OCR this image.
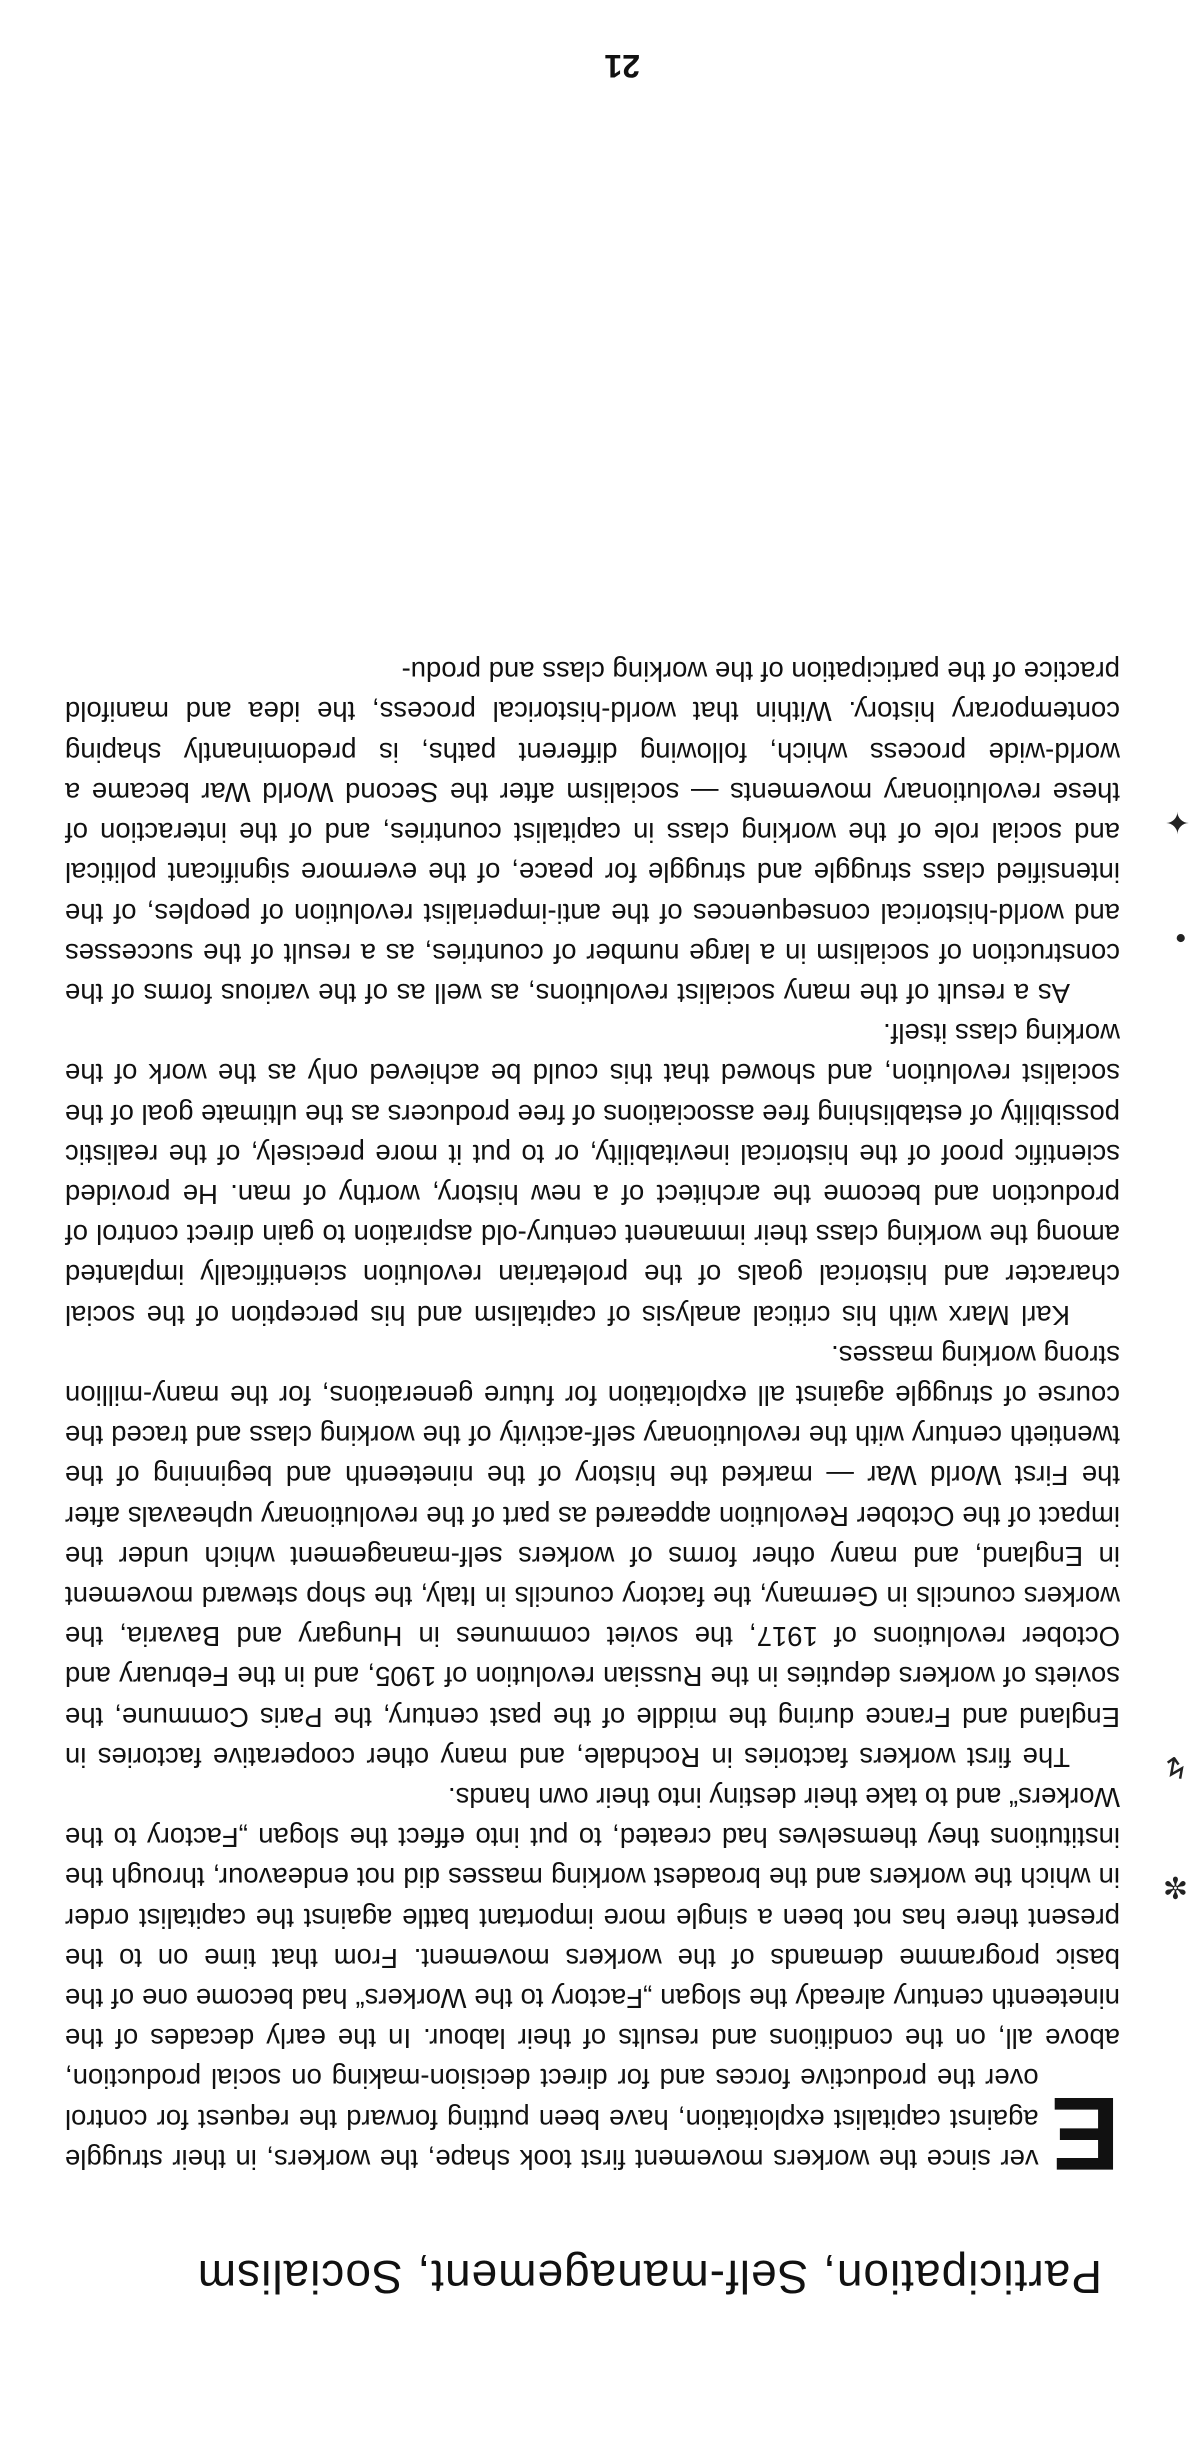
Participation, Self-management, Socialism

Ever since the workers movement first took shape, the workers, in their struggle against capitalist exploitation, have been putting forward the request for control over the productive forces and for direct decision-making on social production, above all, on the conditions and results of their labour. In the early decades of the nineteenth century already the slogan „Factory to the Workers“ had become one of the basic programme demands of the workers movement. From that time on to the present there has not been a single more important battle against the capitalist order in which the workers and the broadest working masses did not endeavour, through the institutions they themselves had created, to put into effect the slogan „Factory to the Workers“ and to take their destiny into their own hands.

The first workers factories in Rochdale, and many other cooperative factories in England and France during the middle of the past century, the Paris Commune, the soviets of workers deputies in the Russian revolution of 1905, and in the February and October revolutions of 1917, the soviet communes in Hungary and Bavaria, the workers councils in Germany, the factory councils in Italy, the shop steward movement in England, and many other forms of workers self-management which under the impact of the October Revolution appeared as part of the revolutionary upheavals after the First World War — marked the history of the nineteenth and beginning of the twentieth century with the revolutionary self-activity of the working class and traced the course of struggle against all exploitation for future generations, for the many-million strong working masses.

Karl Marx with his critical analysis of capitalism and his perception of the social character and historical goals of the proletarian revolution scientifically implanted among the working class their immanent century-old aspiration to gain direct control of production and become the architect of a new history, worthy of man. He provided scientific proof of the historical inevitability, or to put it more precisely, of the realistic possibility of establishing free associations of free producers as the ultimate goal of the socialist revolution, and showed that this could be achieved only as the work of the working class itself.

As a result of the many socialist revolutions, as well as of the various forms of the construction of socialism in a large number of countries, as a result of the successes and world-historical consequences of the anti-imperialist revolution of peoples, of the intensified class struggle and struggle for peace, of the evermore significant political and social role of the working class in capitalist countries, and of the interaction of these revolutionary movements — socialism after the Second World War became a world-wide process which, following different paths, is predominantly shaping contemporary history. Within that world-historical process, the idea and manifold practice of the participation of the working class and produ-

21
✼
↯
•
✦
